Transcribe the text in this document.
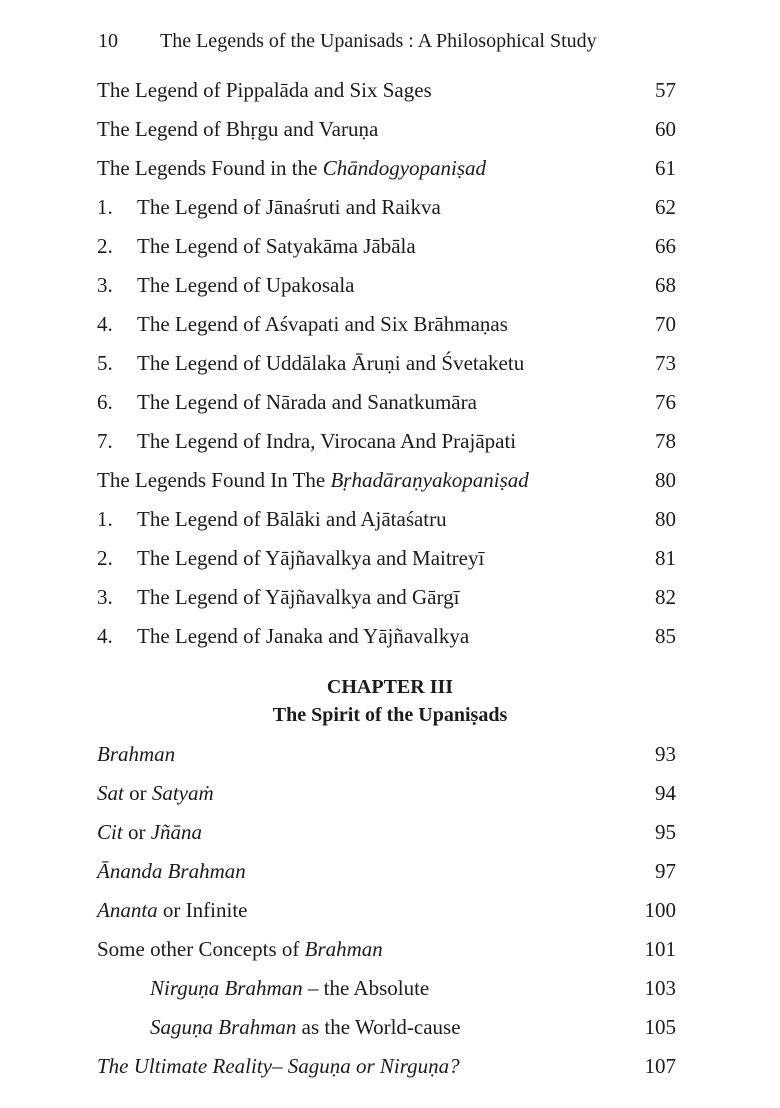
10 The Legends of the Upanisads : A Philosophical Study
The Legend of Pippalāda and Six Sages	57
The Legend of Bhṛgu and Varuṇa	60
The Legends Found in the Chāndogyopaniṣad	61
1.	The Legend of Jānaśruti and Raikva	62
2.	The Legend of Satyakāma Jābāla	66
3.	The Legend of Upakosala	68
4.	The Legend of Aśvapati and Six Brāhmaṇas	70
5.	The Legend of Uddālaka Āruṇi and Śvetaketu	73
6.	The Legend of Nārada and Sanatkumāra	76
7.	The Legend of Indra, Virocana And Prajāpati	78
The Legends Found In The Bṛhadāraṇyakopaniṣad	80
1.	The Legend of Bālāki and Ajātaśatru	80
2.	The Legend of Yājñavalkya and Maitreyī	81
3.	The Legend of Yājñavalkya and Gārgī	82
4.	The Legend of Janaka and Yājñavalkya	85
CHAPTER III
The Spirit of the Upaniṣads
Brahman	93
Sat or Satyaṁ	94
Cit or Jñāna	95
Ānanda Brahman	97
Ananta or Infinite	100
Some other Concepts of Brahman	101
Nirguṇa Brahman – the Absolute	103
Saguṇa Brahman as the World-cause	105
The Ultimate Reality– Saguṇa or Nirguṇa?	107
